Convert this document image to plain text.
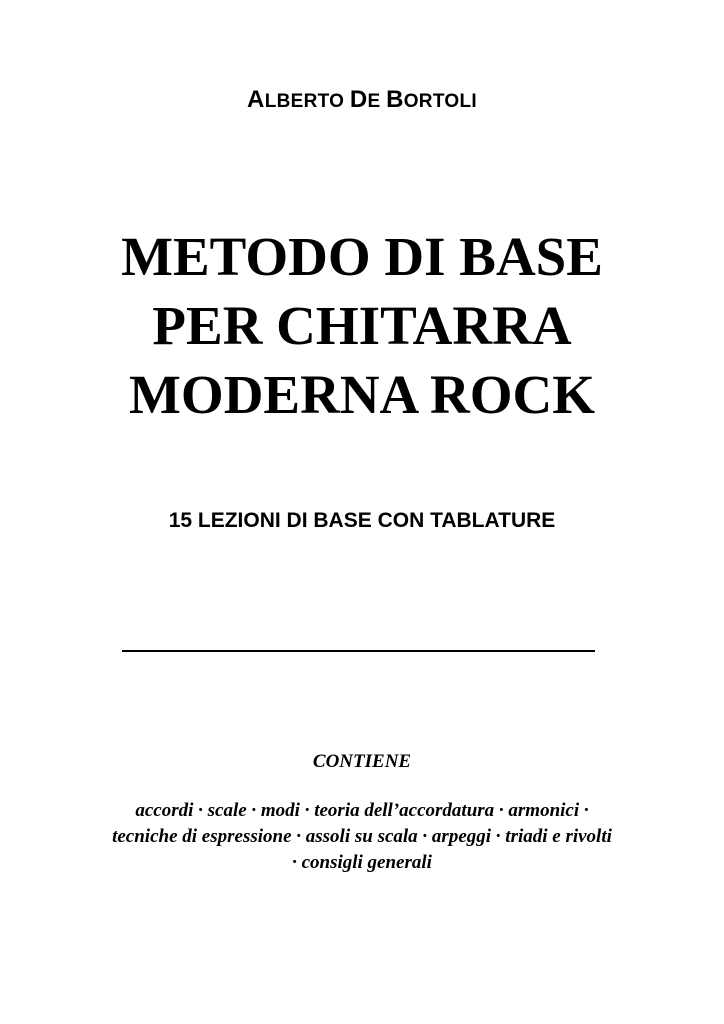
ALBERTO DE BORTOLI
METODO DI BASE
PER CHITARRA
MODERNA ROCK
15 LEZIONI DI BASE CON TABLATURE
CONTIENE
accordi · scale · modi · teoria dell’accordatura · armonici ·
tecniche di espressione · assoli su scala · arpeggi · triadi e rivolti
· consigli generali
